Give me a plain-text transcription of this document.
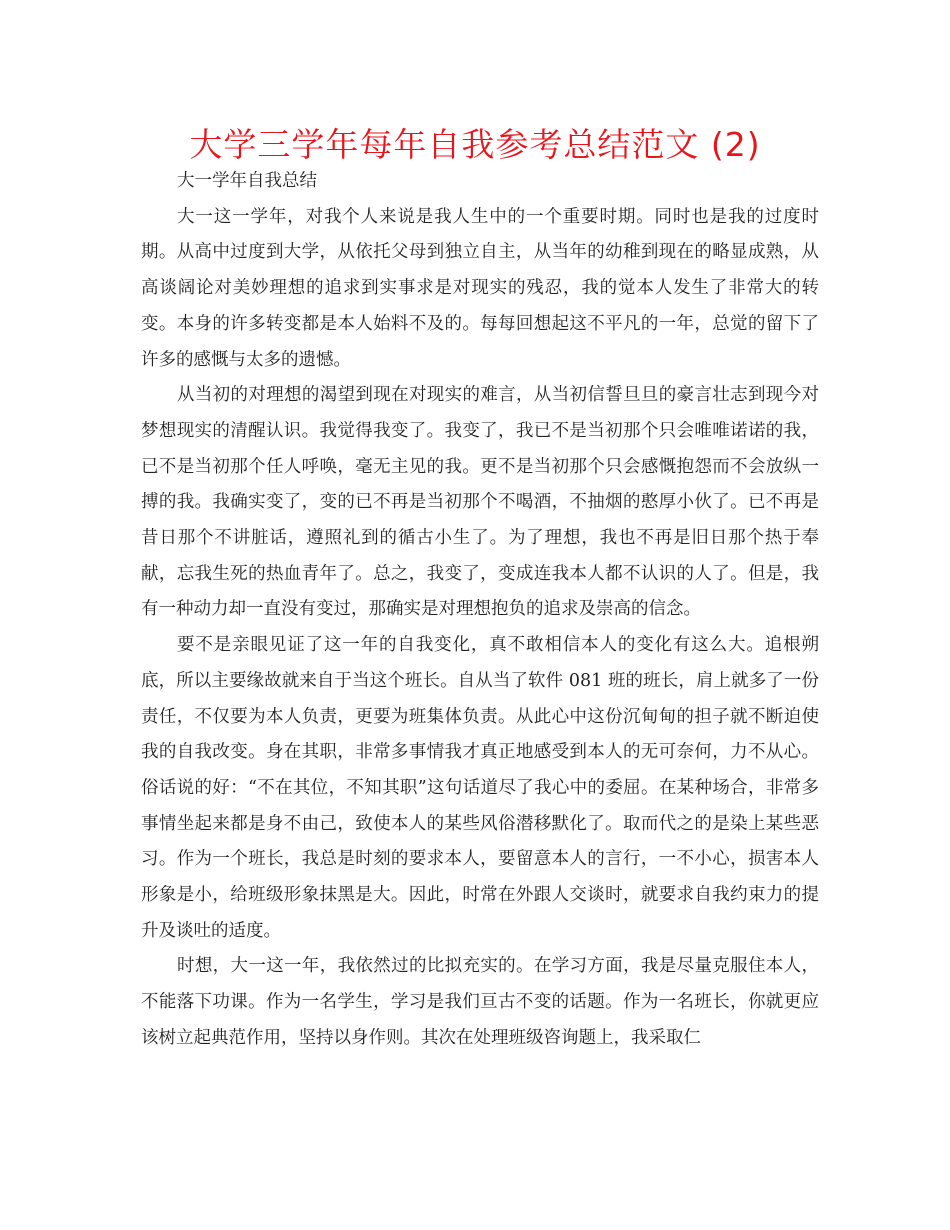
大学三学年每年自我参考总结范文 (2)

大一学年自我总结

大一这一学年，对我个人来说是我人生中的一个重要时期。同时也是我的过度时期。从高中过度到大学，从依托父母到独立自主，从当年的幼稚到现在的略显成熟，从高谈阔论对美妙理想的追求到实事求是对现实的残忍，我的觉本人发生了非常大的转变。本身的许多转变都是本人始料不及的。每每回想起这不平凡的一年，总觉的留下了许多的感慨与太多的遗憾。

从当初的对理想的渴望到现在对现实的难言，从当初信誓旦旦的豪言壮志到现今对梦想现实的清醒认识。我觉得我变了。我变了，我已不是当初那个只会唯唯诺诺的我，已不是当初那个任人呼唤，毫无主见的我。更不是当初那个只会感慨抱怨而不会放纵一搏的我。我确实变了，变的已不再是当初那个不喝酒，不抽烟的憨厚小伙了。已不再是昔日那个不讲脏话，遵照礼到的循古小生了。为了理想，我也不再是旧日那个热于奉献，忘我生死的热血青年了。总之，我变了，变成连我本人都不认识的人了。但是，我有一种动力却一直没有变过，那确实是对理想抱负的追求及崇高的信念。

要不是亲眼见证了这一年的自我变化，真不敢相信本人的变化有这么大。追根朔底，所以主要缘故就来自于当这个班长。自从当了软件 081 班的班长，肩上就多了一份责任，不仅要为本人负责，更要为班集体负责。从此心中这份沉甸甸的担子就不断迫使我的自我改变。身在其职，非常多事情我才真正地感受到本人的无可奈何，力不从心。俗话说的好：“不在其位，不知其职”这句话道尽了我心中的委屈。在某种场合，非常多事情坐起来都是身不由己，致使本人的某些风俗潜移默化了。取而代之的是染上某些恶习。作为一个班长，我总是时刻的要求本人，要留意本人的言行，一不小心，损害本人形象是小，给班级形象抹黑是大。因此，时常在外跟人交谈时，就要求自我约束力的提升及谈吐的适度。

时想，大一这一年，我依然过的比拟充实的。在学习方面，我是尽量克服住本人，不能落下功课。作为一名学生，学习是我们亘古不变的话题。作为一名班长，你就更应该树立起典范作用，坚持以身作则。其次在处理班级咨询题上，我采取仁
